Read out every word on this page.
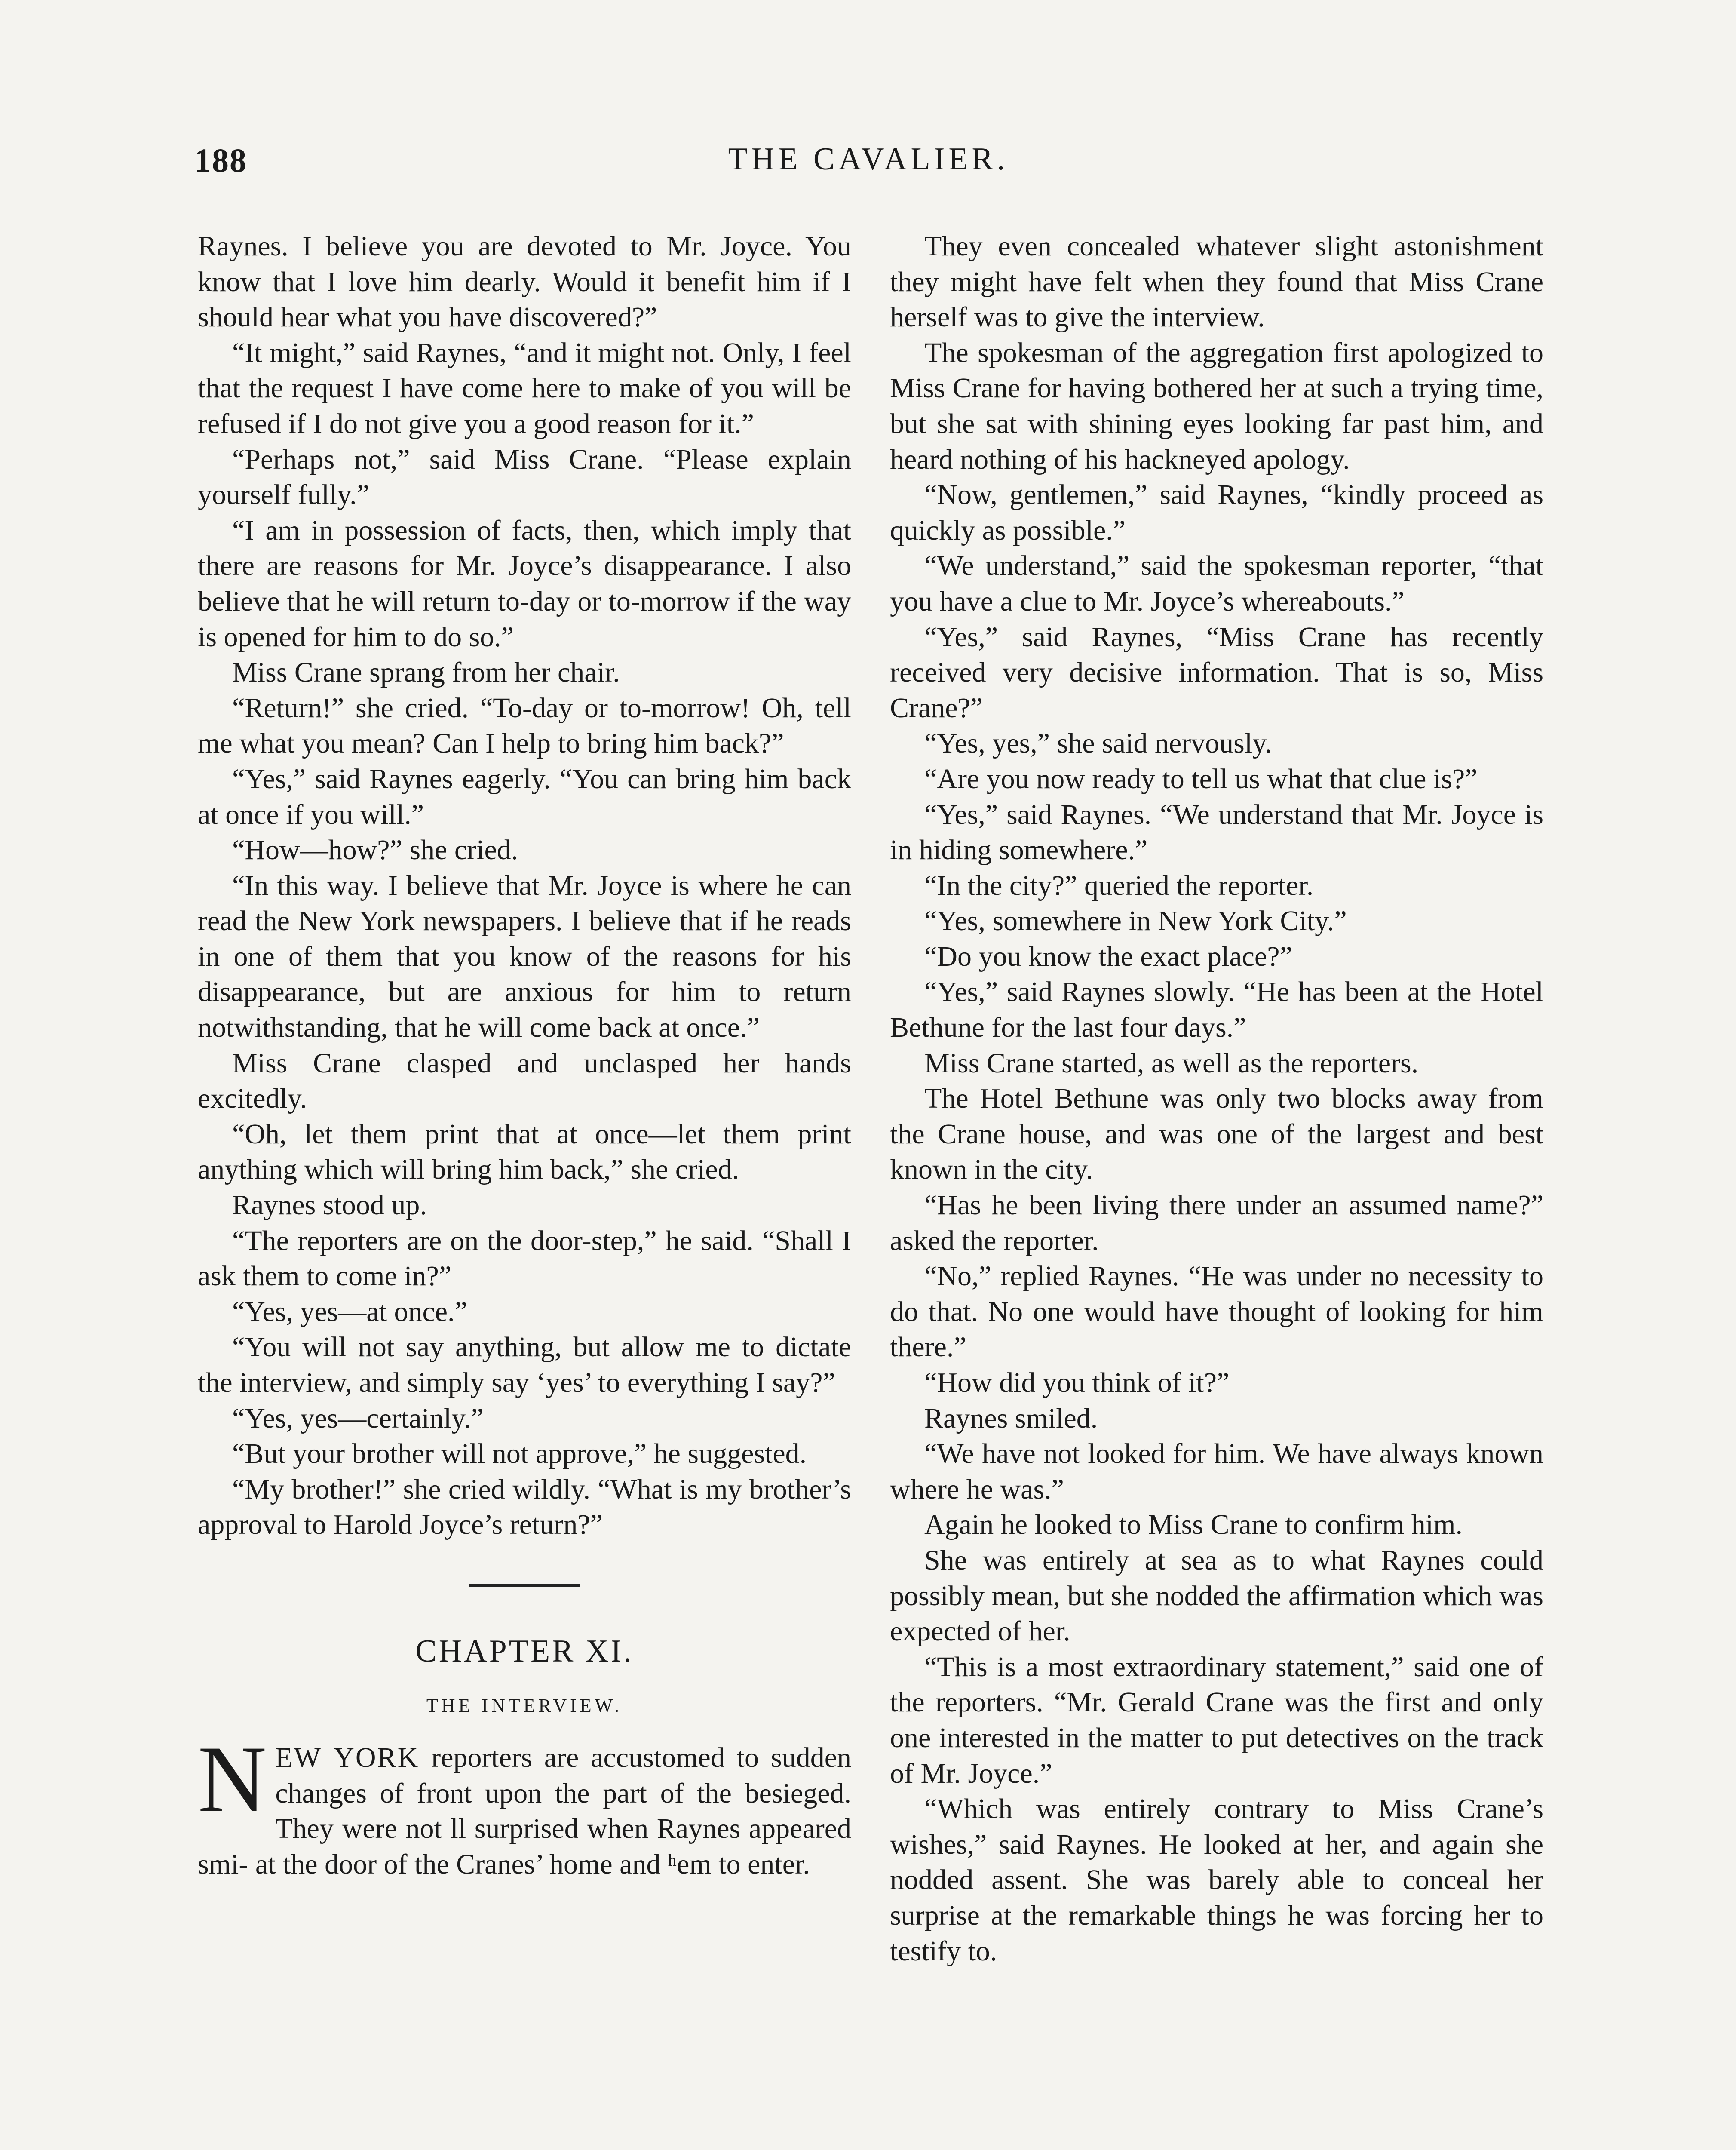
188	THE CAVALIER.

Raynes. I believe you are devoted to Mr. Joyce. You know that I love him dearly. Would it benefit him if I should hear what you have discovered?”

“It might,” said Raynes, “and it might not. Only, I feel that the request I have come here to make of you will be refused if I do not give you a good reason for it.”

“Perhaps not,” said Miss Crane. “Please explain yourself fully.”

“I am in possession of facts, then, which imply that there are reasons for Mr. Joyce’s disappearance. I also believe that he will return to-day or to-morrow if the way is opened for him to do so.”

Miss Crane sprang from her chair.

“Return!” she cried. “To-day or to-morrow! Oh, tell me what you mean? Can I help to bring him back?”

“Yes,” said Raynes eagerly. “You can bring him back at once if you will.”

“How—how?” she cried.

“In this way. I believe that Mr. Joyce is where he can read the New York newspapers. I believe that if he reads in one of them that you know of the reasons for his disappearance, but are anxious for him to return notwithstanding, that he will come back at once.”

Miss Crane clasped and unclasped her hands excitedly.

“Oh, let them print that at once—let them print anything which will bring him back,” she cried.

Raynes stood up.

“The reporters are on the door-step,” he said. “Shall I ask them to come in?”

“Yes, yes—at once.”

“You will not say anything, but allow me to dictate the interview, and simply say ‘yes’ to everything I say?”

“Yes, yes—certainly.”

“But your brother will not approve,” he suggested.

“My brother!” she cried wildly. “What is my brother’s approval to Harold Joyce’s return?”

CHAPTER XI.
THE INTERVIEW.

NEW YORK reporters are accustomed to sudden changes of front upon the part of the besieged. They were not ll surprised when Raynes appeared smi- at the door of the Cranes’ home and ʰem to enter.

They even concealed whatever slight astonishment they might have felt when they found that Miss Crane herself was to give the interview.

The spokesman of the aggregation first apologized to Miss Crane for having bothered her at such a trying time, but she sat with shining eyes looking far past him, and heard nothing of his hackneyed apology.

“Now, gentlemen,” said Raynes, “kindly proceed as quickly as possible.”

“We understand,” said the spokesman reporter, “that you have a clue to Mr. Joyce’s whereabouts.”

“Yes,” said Raynes, “Miss Crane has recently received very decisive information. That is so, Miss Crane?”

“Yes, yes,” she said nervously.

“Are you now ready to tell us what that clue is?”

“Yes,” said Raynes. “We understand that Mr. Joyce is in hiding somewhere.”

“In the city?” queried the reporter.

“Yes, somewhere in New York City.”

“Do you know the exact place?”

“Yes,” said Raynes slowly. “He has been at the Hotel Bethune for the last four days.”

Miss Crane started, as well as the reporters.

The Hotel Bethune was only two blocks away from the Crane house, and was one of the largest and best known in the city.

“Has he been living there under an assumed name?” asked the reporter.

“No,” replied Raynes. “He was under no necessity to do that. No one would have thought of looking for him there.”

“How did you think of it?”

Raynes smiled.

“We have not looked for him. We have always known where he was.”

Again he looked to Miss Crane to confirm him.

She was entirely at sea as to what Raynes could possibly mean, but she nodded the affirmation which was expected of her.

“This is a most extraordinary statement,” said one of the reporters. “Mr. Gerald Crane was the first and only one interested in the matter to put detectives on the track of Mr. Joyce.”

“Which was entirely contrary to Miss Crane’s wishes,” said Raynes. He looked at her, and again she nodded assent. She was barely able to conceal her surprise at the remarkable things he was forcing her to testify to.
